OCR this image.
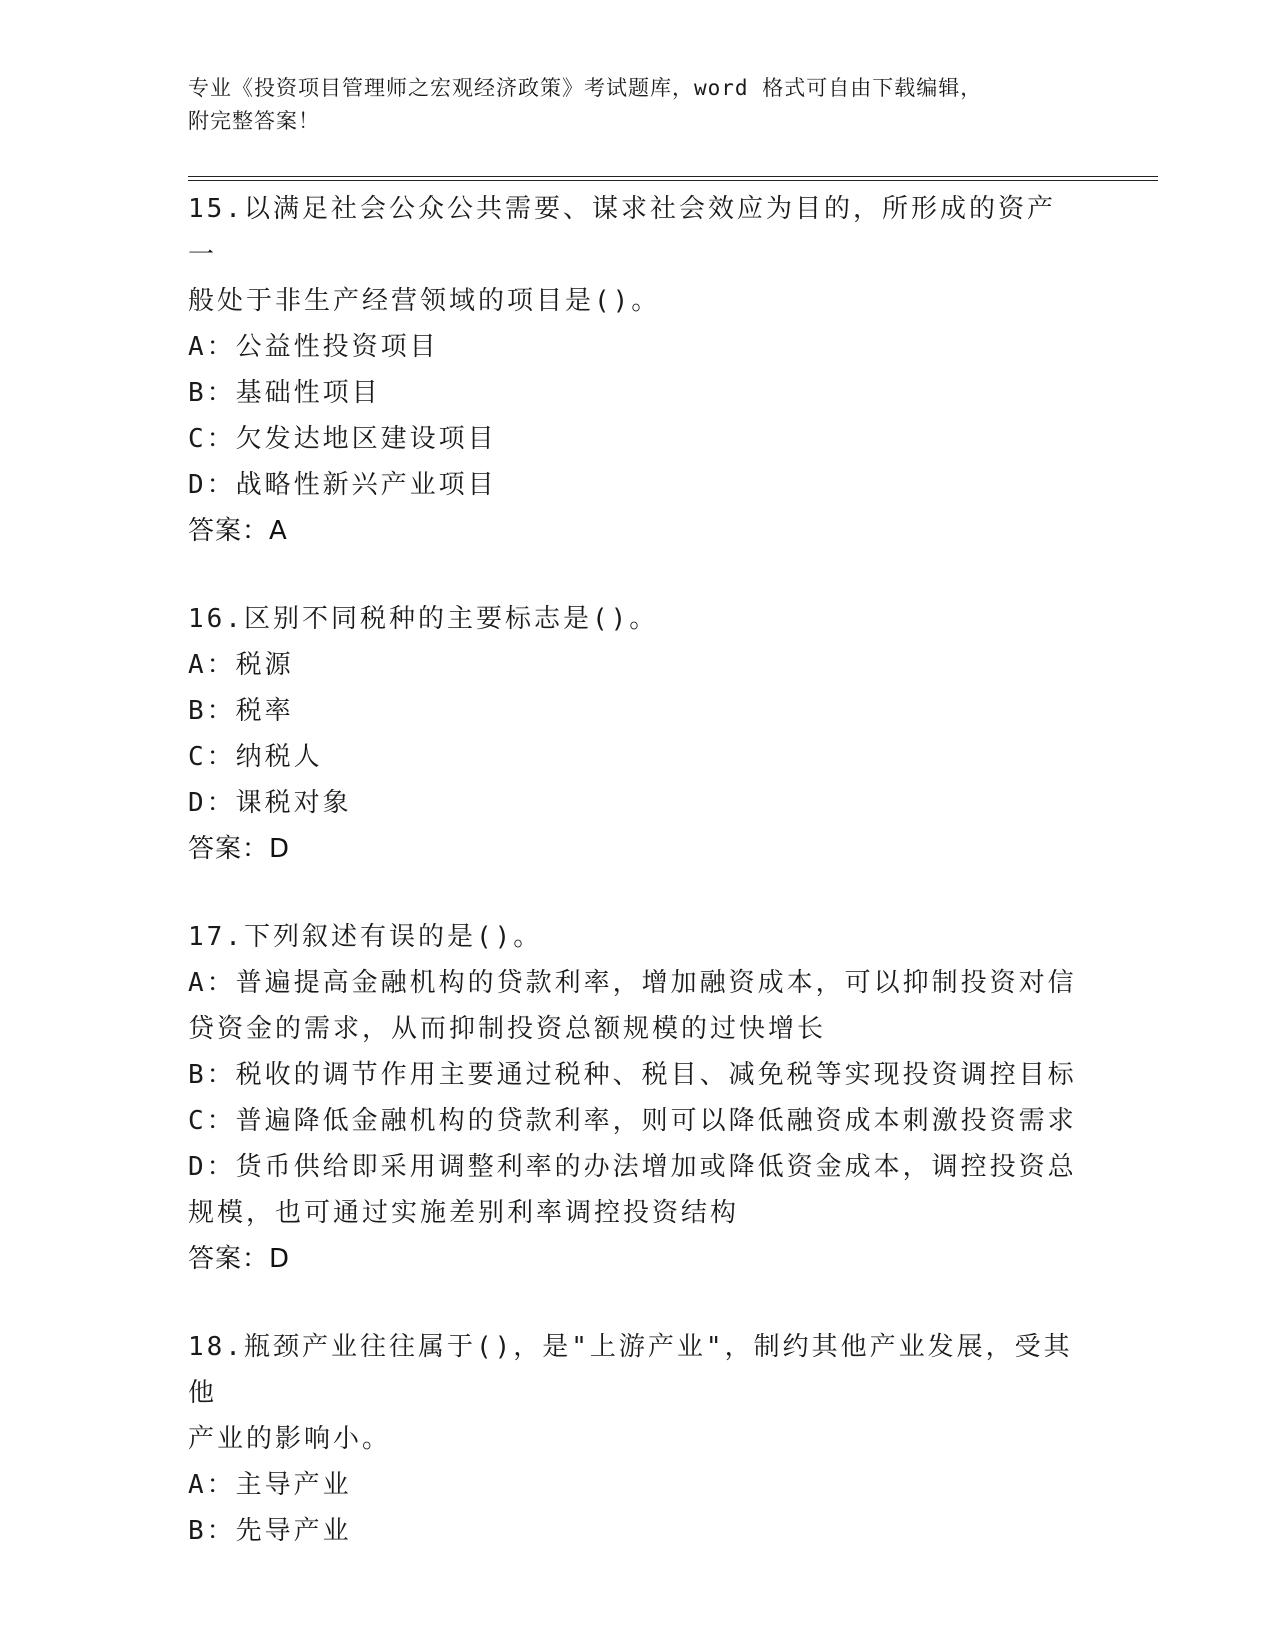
专业《投资项目管理师之宏观经济政策》考试题库，word 格式可自由下载编辑，
附完整答案！
15.以满足社会公众公共需要、谋求社会效应为目的，所形成的资产一
般处于非生产经营领域的项目是()。
A：公益性投资项目
B：基础性项目
C：欠发达地区建设项目
D：战略性新兴产业项目
答案：A
16.区别不同税种的主要标志是()。
A：税源
B：税率
C：纳税人
D：课税对象
答案：D
17.下列叙述有误的是()。
A：普遍提高金融机构的贷款利率，增加融资成本，可以抑制投资对信
贷资金的需求，从而抑制投资总额规模的过快增长
B：税收的调节作用主要通过税种、税目、减免税等实现投资调控目标
C：普遍降低金融机构的贷款利率，则可以降低融资成本刺激投资需求
D：货币供给即采用调整利率的办法增加或降低资金成本，调控投资总
规模，也可通过实施差别利率调控投资结构
答案：D
18.瓶颈产业往往属于()，是"上游产业"，制约其他产业发展，受其他
产业的影响小。
A：主导产业
B：先导产业
